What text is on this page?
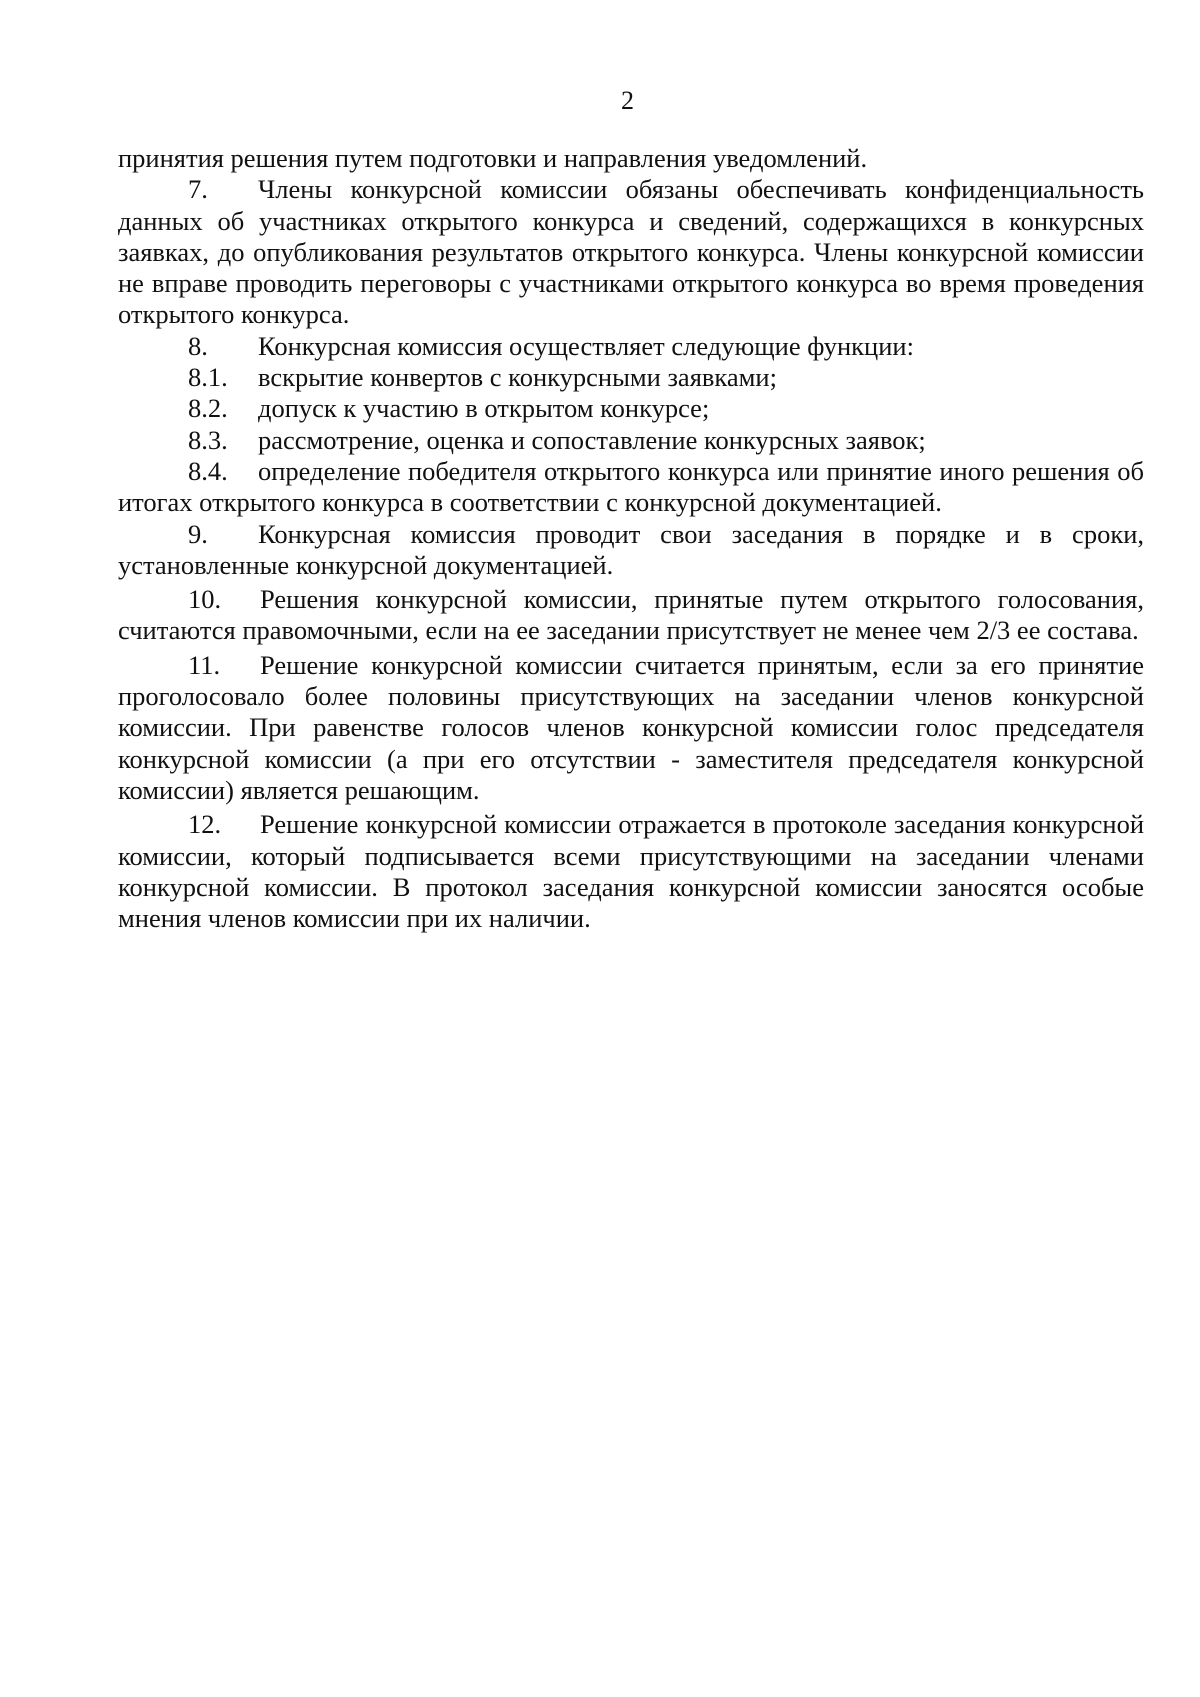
2

принятия решения путем подготовки и направления уведомлений.

7. Члены конкурсной комиссии обязаны обеспечивать конфиденциальность данных об участниках открытого конкурса и сведений, содержащихся в конкурсных заявках, до опубликования результатов открытого конкурса. Члены конкурсной комиссии не вправе проводить переговоры с участниками открытого конкурса во время проведения открытого конкурса.

8. Конкурсная комиссия осуществляет следующие функции:

8.1. вскрытие конвертов с конкурсными заявками;

8.2. допуск к участию в открытом конкурсе;

8.3. рассмотрение, оценка и сопоставление конкурсных заявок;

8.4. определение победителя открытого конкурса или принятие иного решения об итогах открытого конкурса в соответствии с конкурсной документацией.

9. Конкурсная комиссия проводит свои заседания в порядке и в сроки, установленные конкурсной документацией.

10. Решения конкурсной комиссии, принятые путем открытого голосования, считаются правомочными, если на ее заседании присутствует не менее чем 2/3 ее состава.

11. Решение конкурсной комиссии считается принятым, если за его принятие проголосовало более половины присутствующих на заседании членов конкурсной комиссии. При равенстве голосов членов конкурсной комиссии голос председателя конкурсной комиссии (а при его отсутствии - заместителя председателя конкурсной комиссии) является решающим.

12. Решение конкурсной комиссии отражается в протоколе заседания конкурсной комиссии, который подписывается всеми присутствующими на заседании членами конкурсной комиссии. В протокол заседания конкурсной комиссии заносятся особые мнения членов комиссии при их наличии.
